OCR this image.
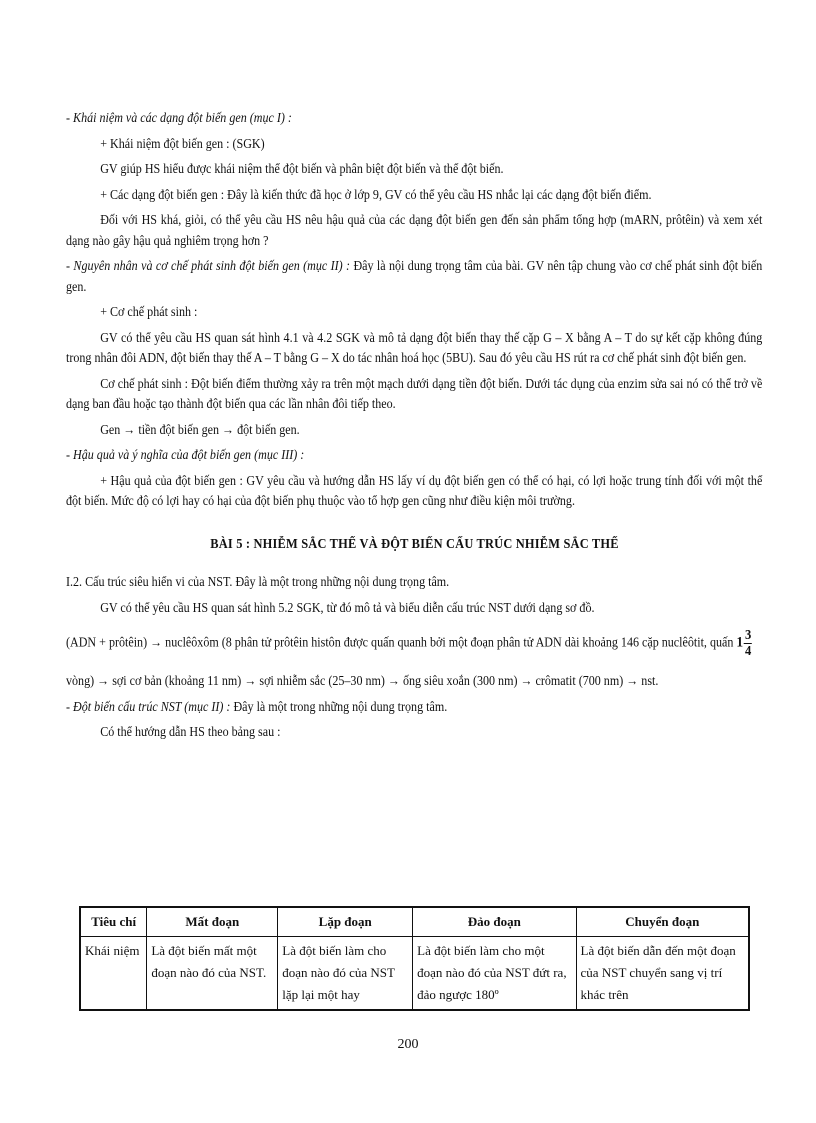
- Khái niệm và các dạng đột biến gen (mục I) :

+ Khái niệm đột biến gen : (SGK)

GV giúp HS hiểu được khái niệm thể đột biến và phân biệt đột biến và thể đột biến.

+ Các dạng đột biến gen : Đây là kiến thức đã học ở lớp 9, GV có thể yêu cầu HS nhắc lại các dạng đột biến điểm.

Đối với HS khá, giỏi, có thể yêu cầu HS nêu hậu quả của các dạng đột biến gen đến sản phẩm tổng hợp (mARN, prôtêin) và xem xét dạng nào gây hậu quả nghiêm trọng hơn ?

- Nguyên nhân và cơ chế phát sinh đột biến gen (mục II) : Đây là nội dung trọng tâm của bài. GV nên tập chung vào cơ chế phát sinh đột biến gen.

+ Cơ chế phát sinh :

GV có thể yêu cầu HS quan sát hình 4.1 và 4.2 SGK và mô tả dạng đột biến thay thế cặp G – X bằng A – T do sự kết cặp không đúng trong nhân đôi ADN, đột biến thay thế A – T bằng G – X do tác nhân hoá học (5BU). Sau đó yêu cầu HS rút ra cơ chế phát sinh đột biến gen.

Cơ chế phát sinh : Đột biến điểm thường xảy ra trên một mạch dưới dạng tiền đột biến. Dưới tác dụng của enzim sửa sai nó có thể trở về dạng ban đầu hoặc tạo thành đột biến qua các lần nhân đôi tiếp theo.

Gen → tiền đột biến gen → đột biến gen.

- Hậu quả và ý nghĩa của đột biến gen (mục III) :

+ Hậu quả của đột biến gen : GV yêu cầu và hướng dẫn HS lấy ví dụ đột biến gen có thể có hại, có lợi hoặc trung tính đối với một thể đột biến. Mức độ có lợi hay có hại của đột biến phụ thuộc vào tổ hợp gen cũng như điều kiện môi trường.

BÀI 5 : NHIỄM SẮC THỂ VÀ ĐỘT BIẾN CẤU TRÚC NHIỄM SẮC THỂ

I.2. Cấu trúc siêu hiển vi của NST. Đây là một trong những nội dung trọng tâm.

GV có thể yêu cầu HS quan sát hình 5.2 SGK, từ đó mô tả và biểu diễn cấu trúc NST dưới dạng sơ đồ.

(ADN + prôtêin) → nuclêôxôm (8 phân tử prôtêin histôn được quấn quanh bởi một đoạn phân tử ADN dài khoảng 146 cặp nuclêôtit, quấn $1 \frac{3}{4}$

vòng) → sợi cơ bản (khoảng 11 nm) → sợi nhiễm sắc (25–30 nm) → ống siêu xoắn (300 nm) → crômatit (700 nm) → nst.

- Đột biến cấu trúc NST (mục II) : Đây là một trong những nội dung trọng tâm.

Có thể hướng dẫn HS theo bảng sau :

Tiêu chí	Mất đoạn	Lặp đoạn	Đảo đoạn	Chuyển đoạn
Khái niệm	Là đột biến mất một đoạn nào đó của NST.	Là đột biến làm cho đoạn nào đó của NST lặp lại một hay	Là đột biến làm cho một đoạn nào đó của NST đứt ra, đảo ngược 180º	Là đột biến dẫn đến một đoạn của NST chuyển sang vị trí khác trên
200
